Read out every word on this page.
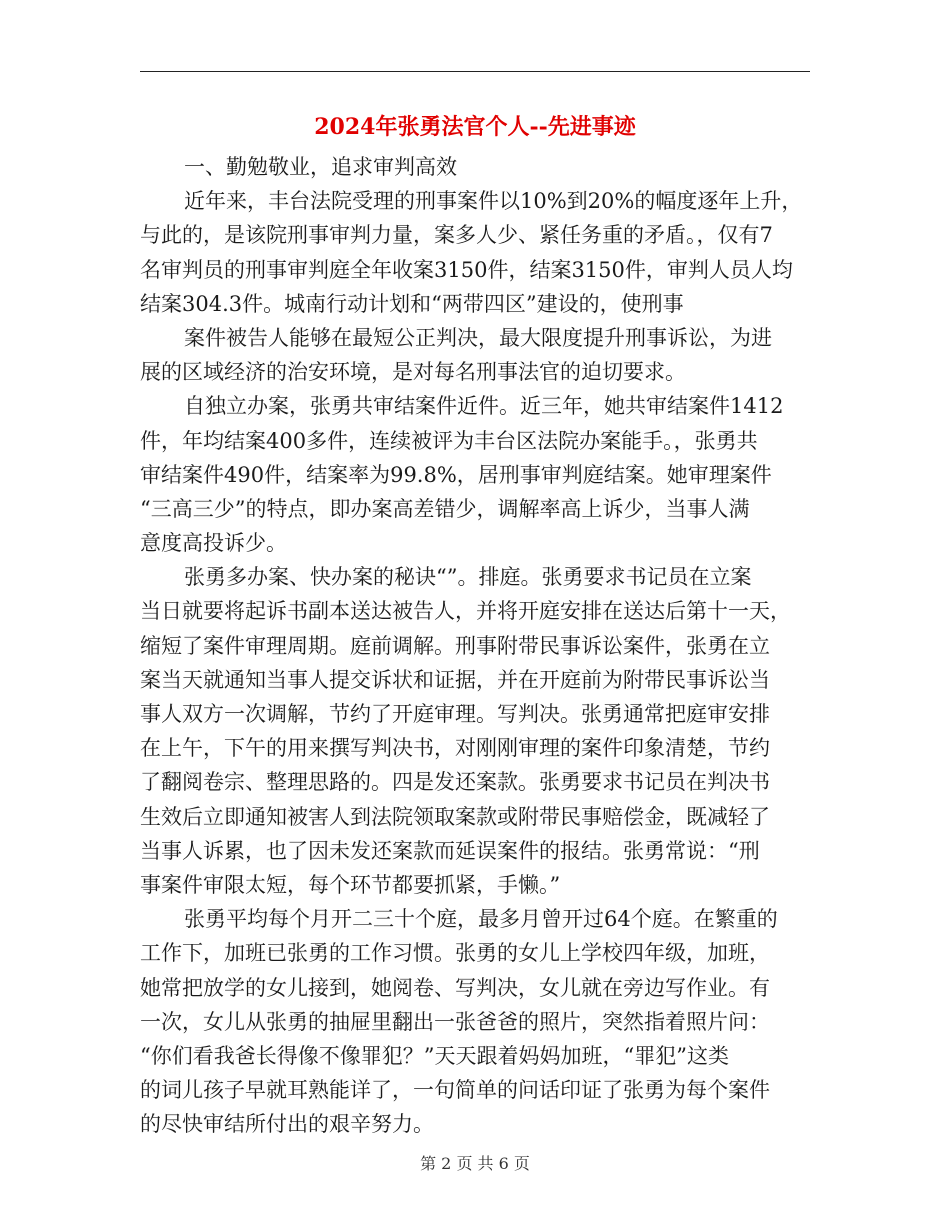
2024年张勇法官个人--先进事迹
一、勤勉敬业，追求审判高效
近年来，丰台法院受理的刑事案件以10%到20%的幅度逐年上升，
与此的，是该院刑事审判力量，案多人少、紧任务重的矛盾。，仅有7
名审判员的刑事审判庭全年收案3150件，结案3150件，审判人员人均
结案304.3件。城南行动计划和“两带四区”建设的，使刑事
案件被告人能够在最短公正判决，最大限度提升刑事诉讼，为进
展的区域经济的治安环境，是对每名刑事法官的迫切要求。
自独立办案，张勇共审结案件近件。近三年，她共审结案件1412
件，年均结案400多件，连续被评为丰台区法院办案能手。，张勇共
审结案件490件，结案率为99.8%，居刑事审判庭结案。她审理案件
“三高三少”的特点，即办案高差错少，调解率高上诉少，当事人满
意度高投诉少。
张勇多办案、快办案的秘诀“”。排庭。张勇要求书记员在立案
当日就要将起诉书副本送达被告人，并将开庭安排在送达后第十一天，
缩短了案件审理周期。庭前调解。刑事附带民事诉讼案件，张勇在立
案当天就通知当事人提交诉状和证据，并在开庭前为附带民事诉讼当
事人双方一次调解，节约了开庭审理。写判决。张勇通常把庭审安排
在上午，下午的用来撰写判决书，对刚刚审理的案件印象清楚，节约
了翻阅卷宗、整理思路的。四是发还案款。张勇要求书记员在判决书
生效后立即通知被害人到法院领取案款或附带民事赔偿金，既减轻了
当事人诉累，也了因未发还案款而延误案件的报结。张勇常说：“刑
事案件审限太短，每个环节都要抓紧，手懒。”
张勇平均每个月开二三十个庭，最多月曾开过64个庭。在繁重的
工作下，加班已张勇的工作习惯。张勇的女儿上学校四年级，加班，
她常把放学的女儿接到，她阅卷、写判决，女儿就在旁边写作业。有
一次，女儿从张勇的抽屉里翻出一张爸爸的照片，突然指着照片问：
“你们看我爸长得像不像罪犯？”天天跟着妈妈加班，“罪犯”这类
的词儿孩子早就耳熟能详了，一句简单的问话印证了张勇为每个案件
的尽快审结所付出的艰辛努力。
第 2 页 共 6 页
